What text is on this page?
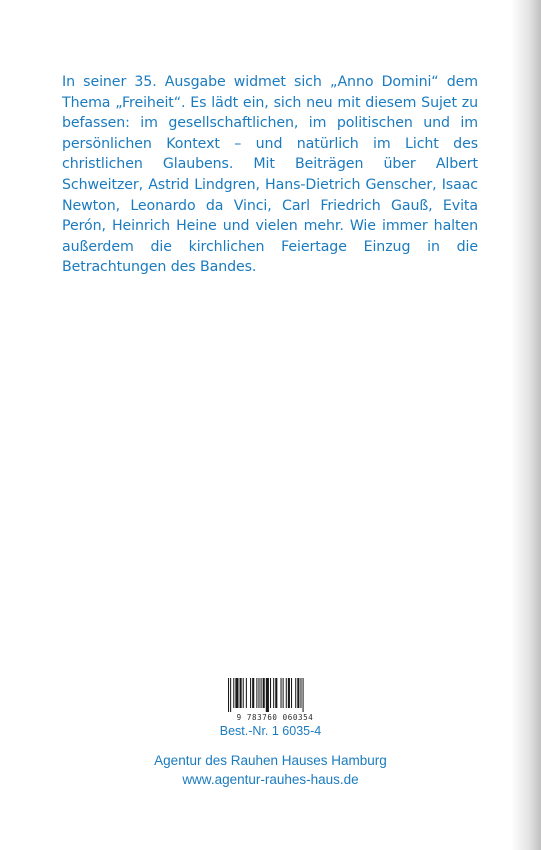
In seiner 35. Ausgabe widmet sich „Anno Domini“ dem Thema „Freiheit“. Es lädt ein, sich neu mit diesem Sujet zu befassen: im gesellschaftlichen, im politischen und im persönlichen Kontext – und natürlich im Licht des christlichen Glaubens. Mit Beiträgen über Albert Schweitzer, Astrid Lindgren, Hans-Dietrich Genscher, Isaac Newton, Leonardo da Vinci, Carl Friedrich Gauß, Evita Perón, Heinrich Heine und vielen mehr. Wie immer halten außerdem die kirchlichen Feiertage Einzug in die Betrachtungen des Bandes.

9 783760 060354
Best.-Nr. 1 6035-4
Agentur des Rauhen Hauses Hamburg
www.agentur-rauhes-haus.de
